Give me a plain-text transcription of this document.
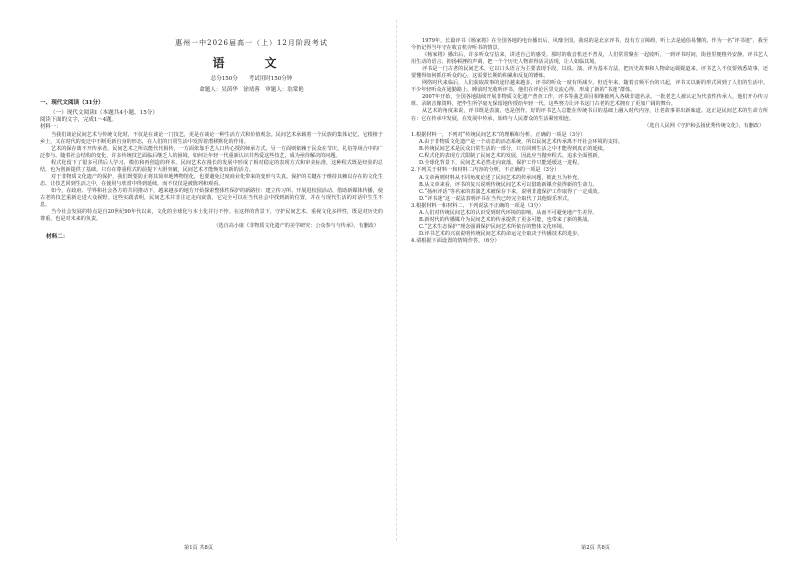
惠州一中2026届高一（上）12月阶段考试
语　文
总分150分　　考试用时150分钟
命题人：吴茵华　徐靖蓉　审题人：翁棠艳
一、现代文阅读（31分）
（一）现代文阅读Ⅰ（本题共4小题，15分）
阅读下面的文字，完成1～4题。
材料一：

当我们谈论民间艺术与传统文化时，不仅是在谈论一门技艺，更是在谈论一种生活方式和价值观念。民间艺术承载着一个民族的集体记忆，它根植于乡土，又在时代的变迁中不断更新自身的形态，在人们的日常生活中发挥着潜移默化的作用。

艺术的保存离不开传承者。民间艺术之所以能代代相传，一方面依靠手艺人口传心授的师承方式，另一方面则依赖于民众在节庆、礼俗等场合中的广泛参与。随着社会结构的变化，许多传统技艺面临后继乏人的困境，如何让年轻一代重新认识并热爱这些技艺，成为亟待解决的问题。

程式化留下了很多可供后人学习、模仿和再创造的样本。民间艺术在漫长的发展中形成了相对稳定的表现方式和审美标准，这种程式既是经验的总结，也为创新提供了基础。只有在尊重程式的前提下大胆突破，民间艺术才能焕发出新的活力。

对于非物质文化遗产的保护，我们既要防止将其简单地博物馆化，也要避免过度商业化带来的变形与失真。保护的关键在于维持其赖以存在的文化生态，让技艺回到生活之中，在使用与欣赏中得到延续，而不仅仅是被陈列和观看。

如今，在政府、学界和社会各方的共同推动下，越来越多的地方开始探索整体性保护的新路径：建立传习所、开展进校园活动、借助新媒体传播，使古老的技艺重新走进大众视野。这些实践表明，民间艺术并非注定走向衰落，它完全可以在当代社会中找到新的位置，并在与现代生活的对话中生生不息。

当今社会发展的特点是自20世纪90年代以来，文化的全球化与本土化并行不悖。在这样的背景下，守护民间艺术、重视文化多样性，既是对历史的尊重，也是对未来的负责。

（选自高小康《非物质文化遗产的美学研究：公众参与与传承》，有删改）
材料二：
第1页 共8页

1979年，长篇评书《杨家将》在全国各地的电台播出后，风靡全国。我说的是北京评书，没有方言障碍，听上去是通俗易懂的。作为一名“评书迷”，我至今仍记得当年守在收音机旁听书的情景。

《杨家将》播出后，许多听众写信来，讲述自己的感受。那时的收音机还不普及，人们常常聚在一起收听，一到评书时间，街巷里便格外安静。评书艺人用生动的语言、抑扬顿挫的声调，把一个个历史人物讲得活灵活现，让人如临其境。

评书是一门古老的民间艺术，它以口头语言为主要表现手段，以说、演、评为基本方法，把历史故事和人物命运娓娓道来。评书艺人不仅要熟悉故事，还要懂得如何抓住听众的心，这需要长期的积累和反复的锤炼。

网络时代来临后，人们获取故事的途径越来越多，评书的听众一度有所减少。但近年来，随着音频平台的兴起，评书又以新的形式回到了人们的生活中。不少年轻听众在通勤路上、睡前时光收听评书，他们在评论区里交流心得，形成了新的“书迷”群体。

2007年开始，全国各地陆续开展非物质文化遗产普查工作，评书等曲艺项目相继被列入各级非遗名录。一批老艺人被认定为代表性传承人，他们开办传习班、录制音像资料，把毕生所学毫无保留地传授给年轻一代。这些努力让评书这门古老的艺术拥有了更加广阔的舞台。

从艺术的角度来说，评书既是表演，也是创作。好的评书艺人总能在传统书目的基础上融入时代内容，让老故事讲出新味道。这正是民间艺术的生命力所在：它在传承中发展，在发展中传承，始终与人民群众的生活紧密相连。

（选自人民网《守护和弘扬优秀传统文化》，有删改）
1.根据材料一，下列对“传统民间艺术”的理解和分析，正确的一项是（3分）
A.由于非物质文化遗产是一个动态的活态系统，所以民间艺术传承离不开社会环境的支持。
B.传统民间艺术是民众日常生活的一部分，只有回到生活之中才能得到真正的延续。
C.程式化的表现方式限制了民间艺术的发展，因此应当抛弃程式、追求全面创新。
D.全球化背景下，民间艺术必然走向衰落，保护工作只能延缓这一进程。
2.下列关于材料一和材料二内容的分析，不正确的一项是（3分）
A.文章两则材料从不同角度论述了民间艺术的传承问题，彼此互为补充。
B.从文章来看，评书的复兴说明传统民间艺术可以借助新媒介获得新的生命力。
C.“扬州评话”等名家的表演艺术被保存下来，说明非遗保护工作取得了一定成效。
D.“评书迷”这一说法表明评书在当代已经完全取代了其他娱乐形式。
3.根据材料一和材料二，下列说法不正确的一项是（3分）
A.人们对传统民间艺术的认识受到时代环境的影响，从而不可避免地产生差异。
B.新时代的传播媒介为民间艺术的传承提供了更多可能，也带来了新的挑战。
C.“艺术生态保护”理念强调保护民间艺术所依存的整体文化环境。
D.评书艺术的兴衰说明传统民间艺术的命运完全取决于传播技术的进步。
4.请根据下面设置的情境作答。（6分）
第2页 共8页
